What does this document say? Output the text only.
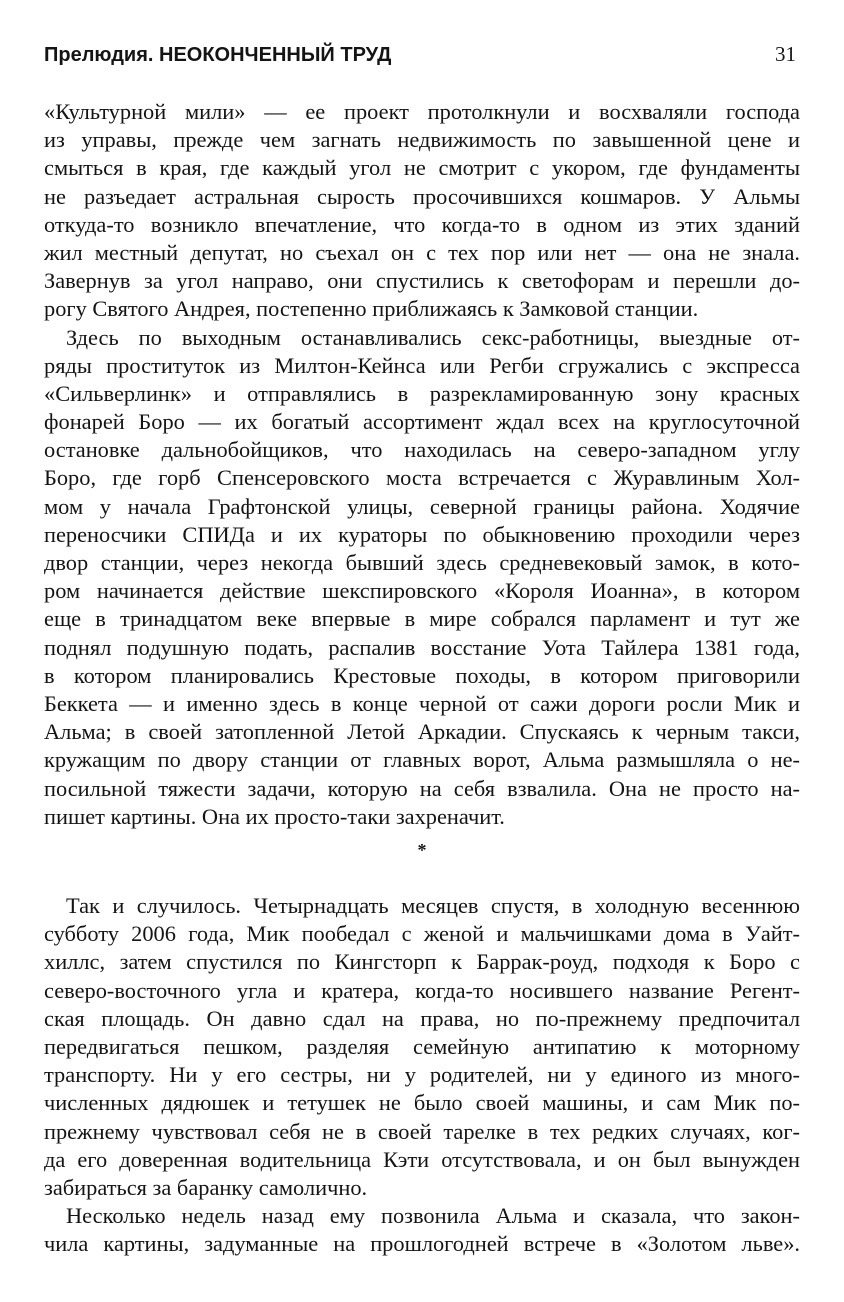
Прелюдия. НЕОКОНЧЕННЫЙ ТРУД	31

«Культурной мили» — ее проект протолкнули и восхваляли господа

из управы, прежде чем загнать недвижимость по завышенной цене и

смыться в края, где каждый угол не смотрит с укором, где фундаменты

не разъедает астральная сырость просочившихся кошмаров. У Альмы

откуда-то возникло впечатление, что когда-то в одном из этих зданий

жил местный депутат, но съехал он с тех пор или нет — она не знала.

Завернув за угол направо, они спустились к светофорам и перешли до-

рогу Святого Андрея, постепенно приближаясь к Замковой станции.

Здесь по выходным останавливались секс-работницы, выездные от-

ряды проституток из Милтон-Кейнса или Регби сгружались с экспресса

«Сильверлинк» и отправлялись в разрекламированную зону красных

фонарей Боро — их богатый ассортимент ждал всех на круглосуточной

остановке дальнобойщиков, что находилась на северо-западном углу

Боро, где горб Спенсеровского моста встречается с Журавлиным Хол-

мом у начала Графтонской улицы, северной границы района. Ходячие

переносчики СПИДа и их кураторы по обыкновению проходили через

двор станции, через некогда бывший здесь средневековый замок, в кото-

ром начинается действие шекспировского «Короля Иоанна», в котором

еще в тринадцатом веке впервые в мире собрался парламент и тут же

поднял подушную подать, распалив восстание Уота Тайлера 1381 года,

в котором планировались Крестовые походы, в котором приговорили

Беккета — и именно здесь в конце черной от сажи дороги росли Мик и

Альма; в своей затопленной Летой Аркадии. Спускаясь к черным такси,

кружащим по двору станции от главных ворот, Альма размышляла о не-

посильной тяжести задачи, которую на себя взвалила. Она не просто на-

пишет картины. Она их просто-таки захреначит.

*

Так и случилось. Четырнадцать месяцев спустя, в холодную весеннюю

субботу 2006 года, Мик пообедал с женой и мальчишками дома в Уайт-

хиллс, затем спустился по Кингсторп к Баррак-роуд, подходя к Боро с

северо-восточного угла и кратера, когда-то носившего название Регент-

ская площадь. Он давно сдал на права, но по-прежнему предпочитал

передвигаться пешком, разделяя семейную антипатию к моторному

транспорту. Ни у его сестры, ни у родителей, ни у единого из много-

численных дядюшек и тетушек не было своей машины, и сам Мик по-

прежнему чувствовал себя не в своей тарелке в тех редких случаях, ког-

да его доверенная водительница Кэти отсутствовала, и он был вынужден

забираться за баранку самолично.

Несколько недель назад ему позвонила Альма и сказала, что закон-

чила картины, задуманные на прошлогодней встрече в «Золотом льве».
